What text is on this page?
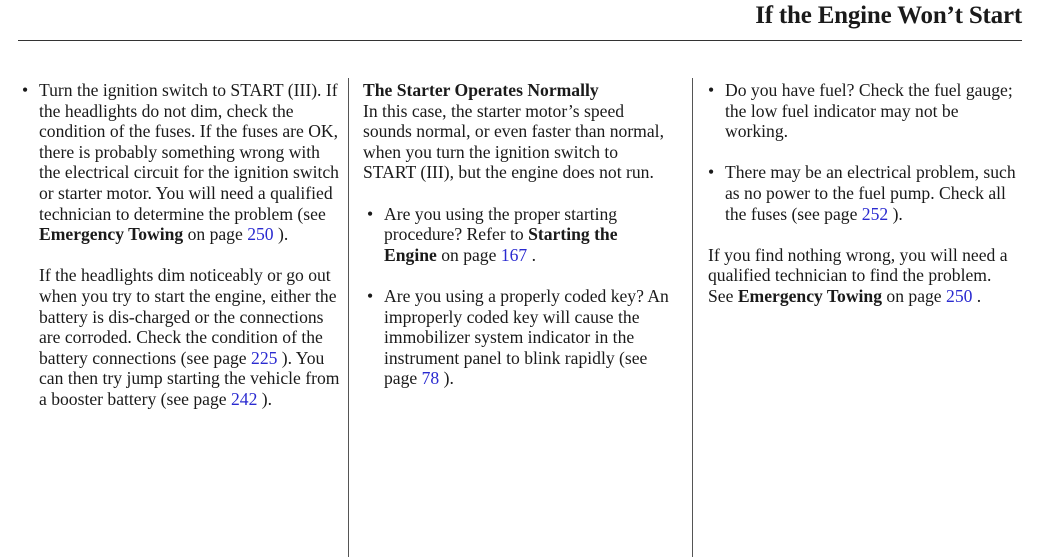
If the Engine Won’t Start
• Turn the ignition switch to START (III). If the headlights do not dim, check the condition of the fuses. If the fuses are OK, there is probably something wrong with the electrical circuit for the ignition switch or starter motor. You will need a qualified technician to determine the problem (see Emergency Towing on page 250 ).
If the headlights dim noticeably or go out when you try to start the engine, either the battery is dis-charged or the connections are corroded. Check the condition of the battery connections (see page 225 ). You can then try jump starting the vehicle from a booster battery (see page 242 ).
The Starter Operates Normally
In this case, the starter motor’s speed sounds normal, or even faster than normal, when you turn the ignition switch to START (III), but the engine does not run.
• Are you using the proper starting procedure? Refer to Starting the Engine on page 167 .
• Are you using a properly coded key? An improperly coded key will cause the immobilizer system indicator in the instrument panel to blink rapidly (see page 78 ).
• Do you have fuel? Check the fuel gauge; the low fuel indicator may not be working.
• There may be an electrical problem, such as no power to the fuel pump. Check all the fuses (see page 252 ).
If you find nothing wrong, you will need a qualified technician to find the problem. See Emergency Towing on page 250 .
